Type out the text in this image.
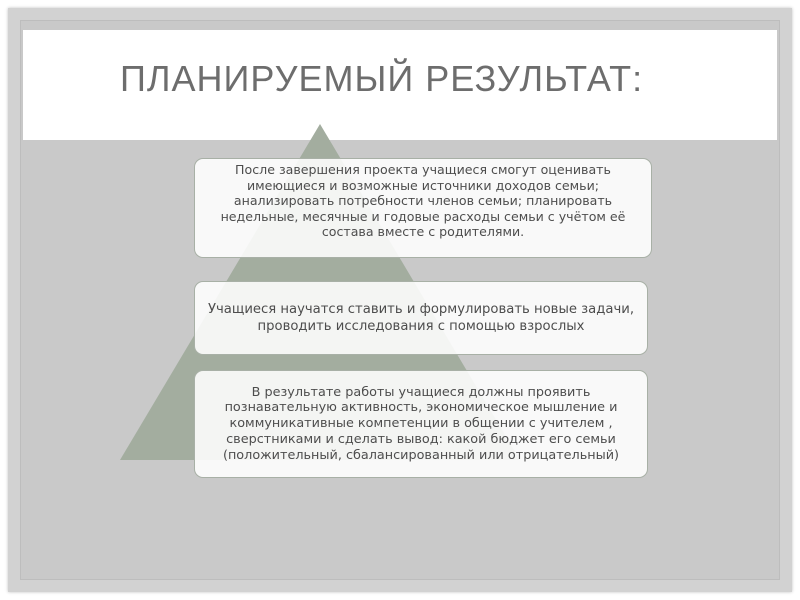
ПЛАНИРУЕМЫЙ РЕЗУЛЬТАТ:
После завершения проекта учащиеся смогут оценивать имеющиеся и возможные источники доходов семьи; анализировать потребности членов семьи; планировать недельные, месячные и годовые расходы семьи с учётом её состава вместе с родителями.
Учащиеся научатся ставить и формулировать новые задачи, проводить исследования с помощью взрослых
В результате работы учащиеся должны проявить познавательную активность, экономическое мышление и коммуникативные компетенции в общении с учителем , сверстниками и сделать вывод: какой бюджет его семьи (положительный, сбалансированный или отрицательный)
